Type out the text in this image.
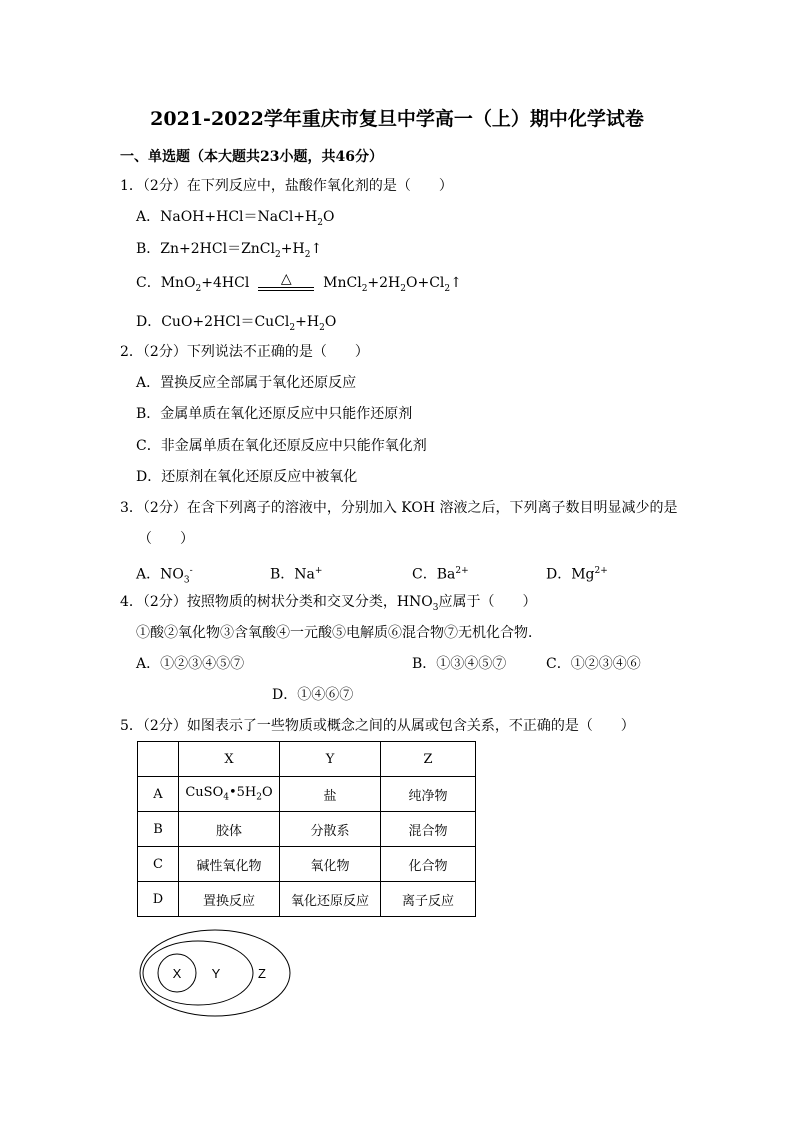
2021-2022学年重庆市复旦中学高一（上）期中化学试卷
一、单选题（本大题共23小题，共46分）
1．（2分）在下列反应中，盐酸作氧化剂的是（　　）
A．$NaOH+HCl=NaCl+H_2O$
B．$Zn+2HCl=ZnCl_2+H_2↑$
C．MnO$_2$+4HCl	△	$MnCl_2+2H_2O+Cl_2↑$
D．$CuO+2HCl=CuCl_2+H_2O$
2．（2分）下列说法不正确的是（　　）
A．置换反应全部属于氧化还原反应
B．金属单质在氧化还原反应中只能作还原剂
C．非金属单质在氧化还原反应中只能作氧化剂
D．还原剂在氧化还原反应中被氧化
3．（2分）在含下列离子的溶液中，分别加入 KOH 溶液之后，下列离子数目明显减少的是
（　　）
A．$NO_3^-$	B．Na+	C．$Ba^{2+}$	D．$Mg^{2+}$
4．（2分）按照物质的树状分类和交叉分类，$HNO_3$应属于（　　）
①酸②氧化物③含氧酸④一元酸⑤电解质⑥混合物⑦无机化合物．
A．①②③④⑤⑦	B．①③④⑤⑦	C．①②③④⑥
D．①④⑥⑦
5．（2分）如图表示了一些物质或概念之间的从属或包含关系，不正确的是（　　）
	X	Y	Z
A	$CuSO_4•5H_2O$	盐	纯净物
B	胶体	分散系	混合物
C	碱性氧化物	氧化物	化合物
D	置换反应	氧化还原反应	离子反应
X Y	Z
